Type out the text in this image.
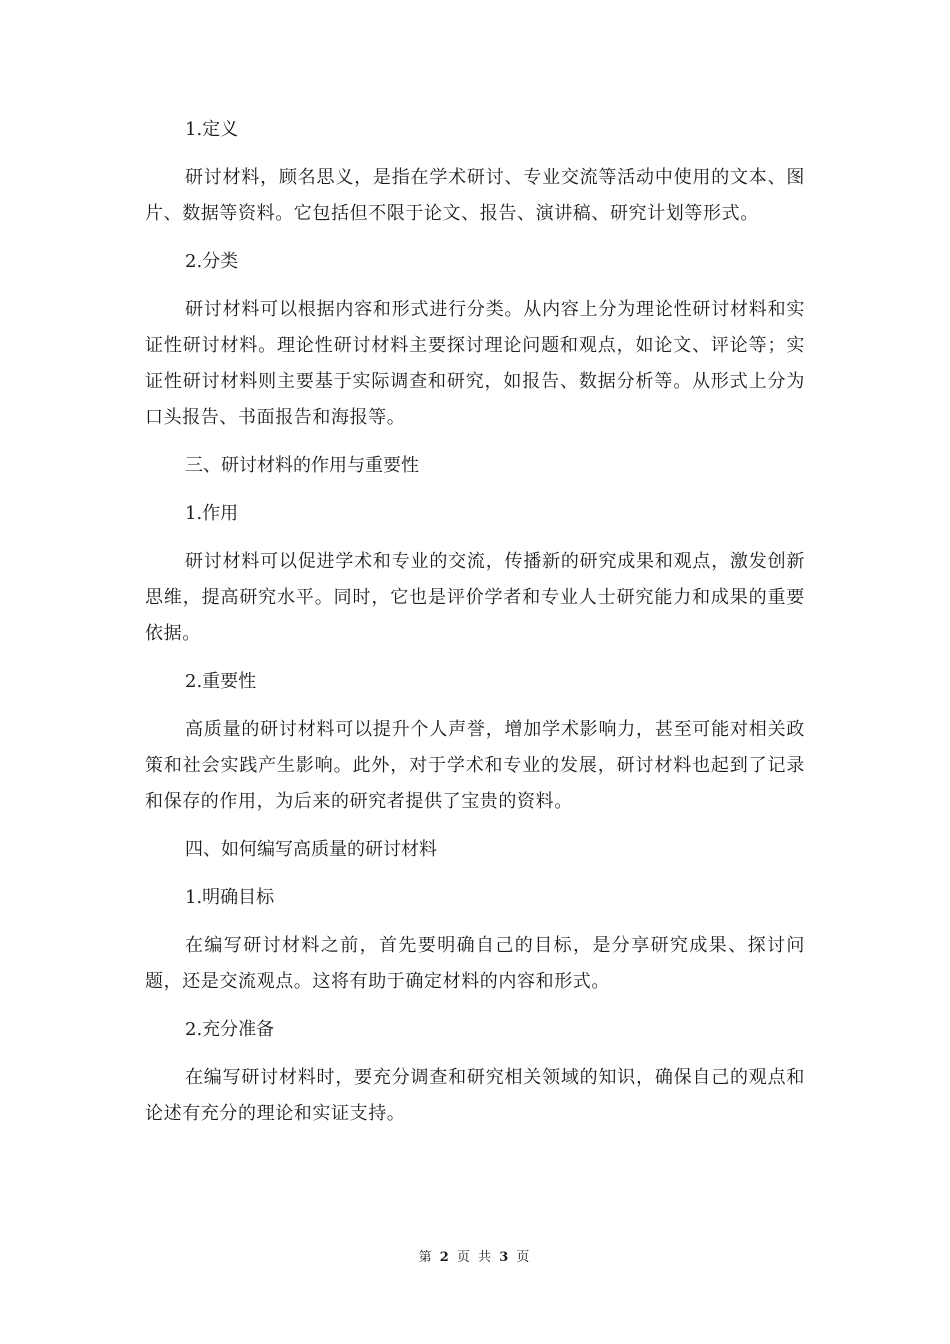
1.定义

研讨材料，顾名思义，是指在学术研讨、专业交流等活动中使用的文本、图片、数据等资料。它包括但不限于论文、报告、演讲稿、研究计划等形式。

2.分类

研讨材料可以根据内容和形式进行分类。从内容上分为理论性研讨材料和实证性研讨材料。理论性研讨材料主要探讨理论问题和观点，如论文、评论等；实证性研讨材料则主要基于实际调查和研究，如报告、数据分析等。从形式上分为口头报告、书面报告和海报等。

三、研讨材料的作用与重要性

1.作用

研讨材料可以促进学术和专业的交流，传播新的研究成果和观点，激发创新思维，提高研究水平。同时，它也是评价学者和专业人士研究能力和成果的重要依据。

2.重要性

高质量的研讨材料可以提升个人声誉，增加学术影响力，甚至可能对相关政策和社会实践产生影响。此外，对于学术和专业的发展，研讨材料也起到了记录和保存的作用，为后来的研究者提供了宝贵的资料。

四、如何编写高质量的研讨材料

1.明确目标

在编写研讨材料之前，首先要明确自己的目标，是分享研究成果、探讨问题，还是交流观点。这将有助于确定材料的内容和形式。

2.充分准备

在编写研讨材料时，要充分调查和研究相关领域的知识，确保自己的观点和论述有充分的理论和实证支持。

第 2 页 共 3 页
